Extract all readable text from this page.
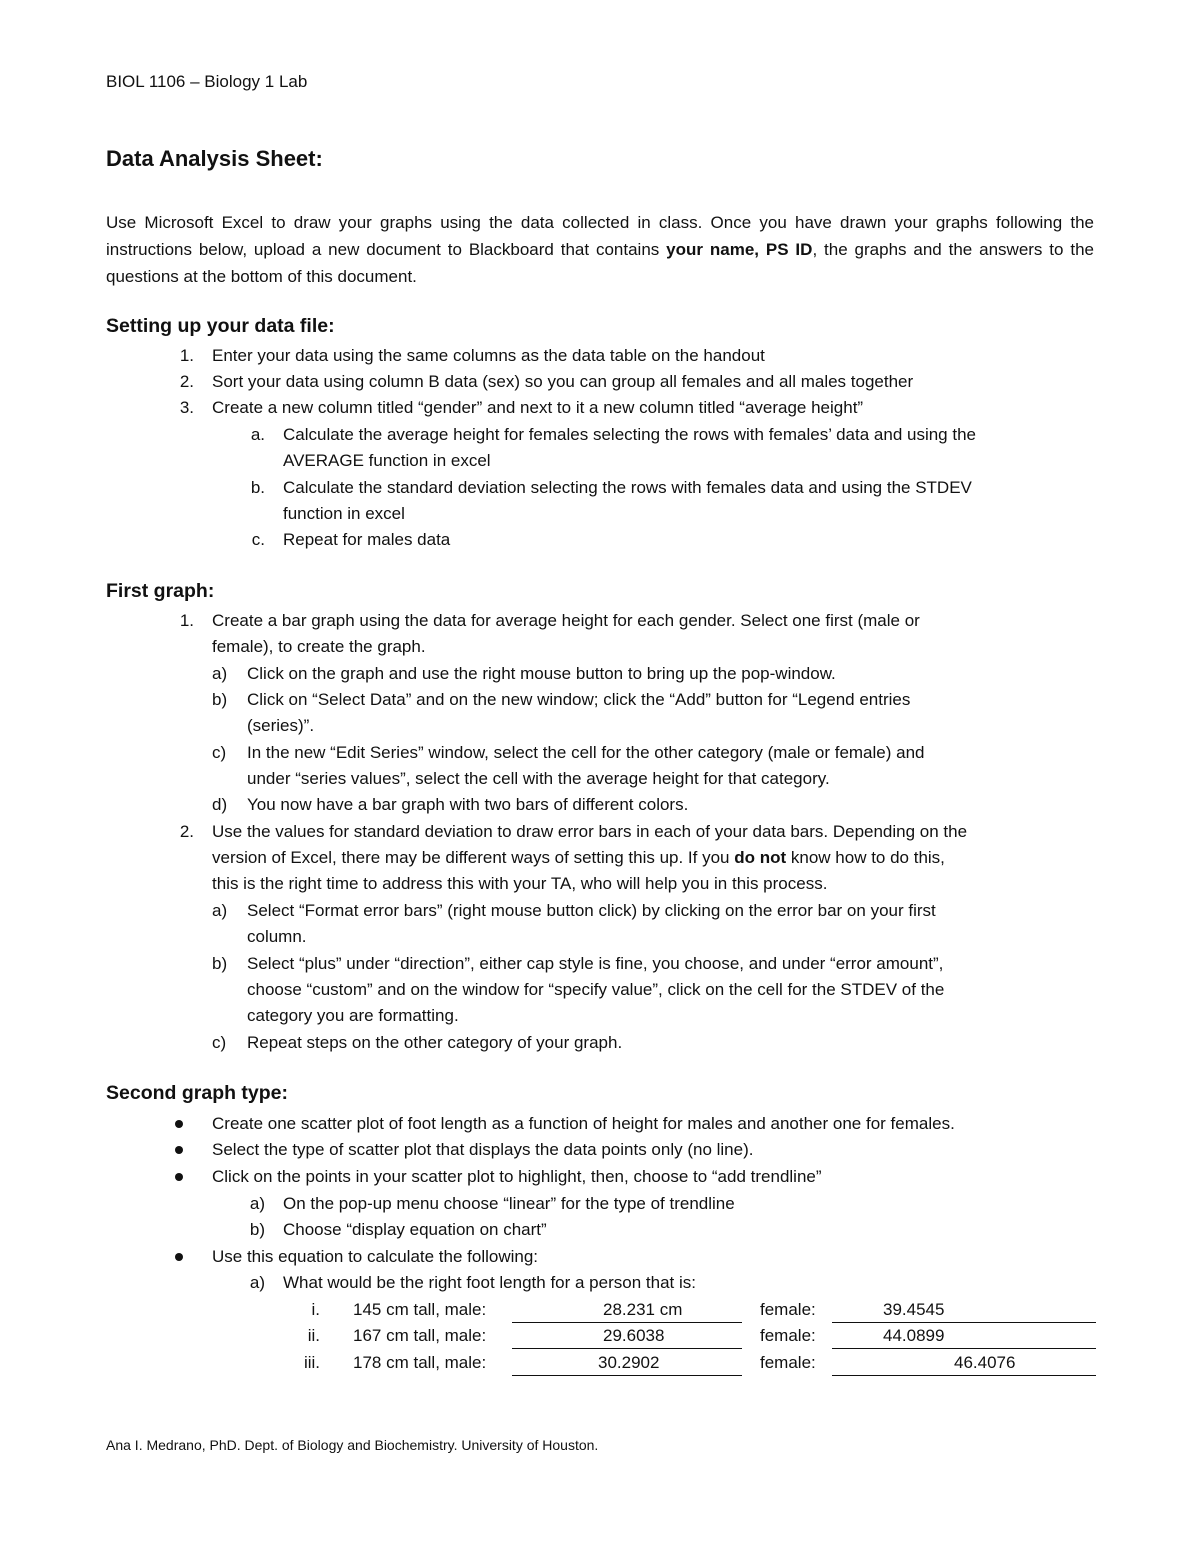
BIOL 1106 – Biology 1 Lab
Data Analysis Sheet:
Use Microsoft Excel to draw your graphs using the data collected in class. Once you have drawn your graphs following the instructions below, upload a new document to Blackboard that contains your name, PS ID, the graphs and the answers to the questions at the bottom of this document.
Setting up your data file:
1. Enter your data using the same columns as the data table on the handout
2. Sort your data using column B data (sex) so you can group all females and all males together
3. Create a new column titled “gender” and next to it a new column titled “average height”
a. Calculate the average height for females selecting the rows with females’ data and using the
AVERAGE function in excel
b. Calculate the standard deviation selecting the rows with females data and using the STDEV
function in excel
c. Repeat for males data
First graph:
1. Create a bar graph using the data for average height for each gender. Select one first (male or
female), to create the graph.
a) Click on the graph and use the right mouse button to bring up the pop-window.
b) Click on “Select Data” and on the new window; click the “Add” button for “Legend entries
(series)”.
c) In the new “Edit Series” window, select the cell for the other category (male or female) and
under “series values”, select the cell with the average height for that category.
d) You now have a bar graph with two bars of different colors.
2. Use the values for standard deviation to draw error bars in each of your data bars. Depending on the
version of Excel, there may be different ways of setting this up. If you do not know how to do this,
this is the right time to address this with your TA, who will help you in this process.
a) Select “Format error bars” (right mouse button click) by clicking on the error bar on your first
column.
b) Select “plus” under “direction”, either cap style is fine, you choose, and under “error amount”,
choose “custom” and on the window for “specify value”, click on the cell for the STDEV of the
category you are formatting.
c) Repeat steps on the other category of your graph.
Second graph type:
Create one scatter plot of foot length as a function of height for males and another one for females.
Select the type of scatter plot that displays the data points only (no line).
Click on the points in your scatter plot to highlight, then, choose to “add trendline”
a) On the pop-up menu choose “linear” for the type of trendline
b) Choose “display equation on chart”
Use this equation to calculate the following:
a) What would be the right foot length for a person that is:
i. 145 cm tall, male:	28.231 cm	female:	39.4545
ii. 167 cm tall, male:	29.6038	female:	44.0899
iii. 178 cm tall, male:	30.2902	female:	46.4076
Ana I. Medrano, PhD. Dept. of Biology and Biochemistry. University of Houston.
